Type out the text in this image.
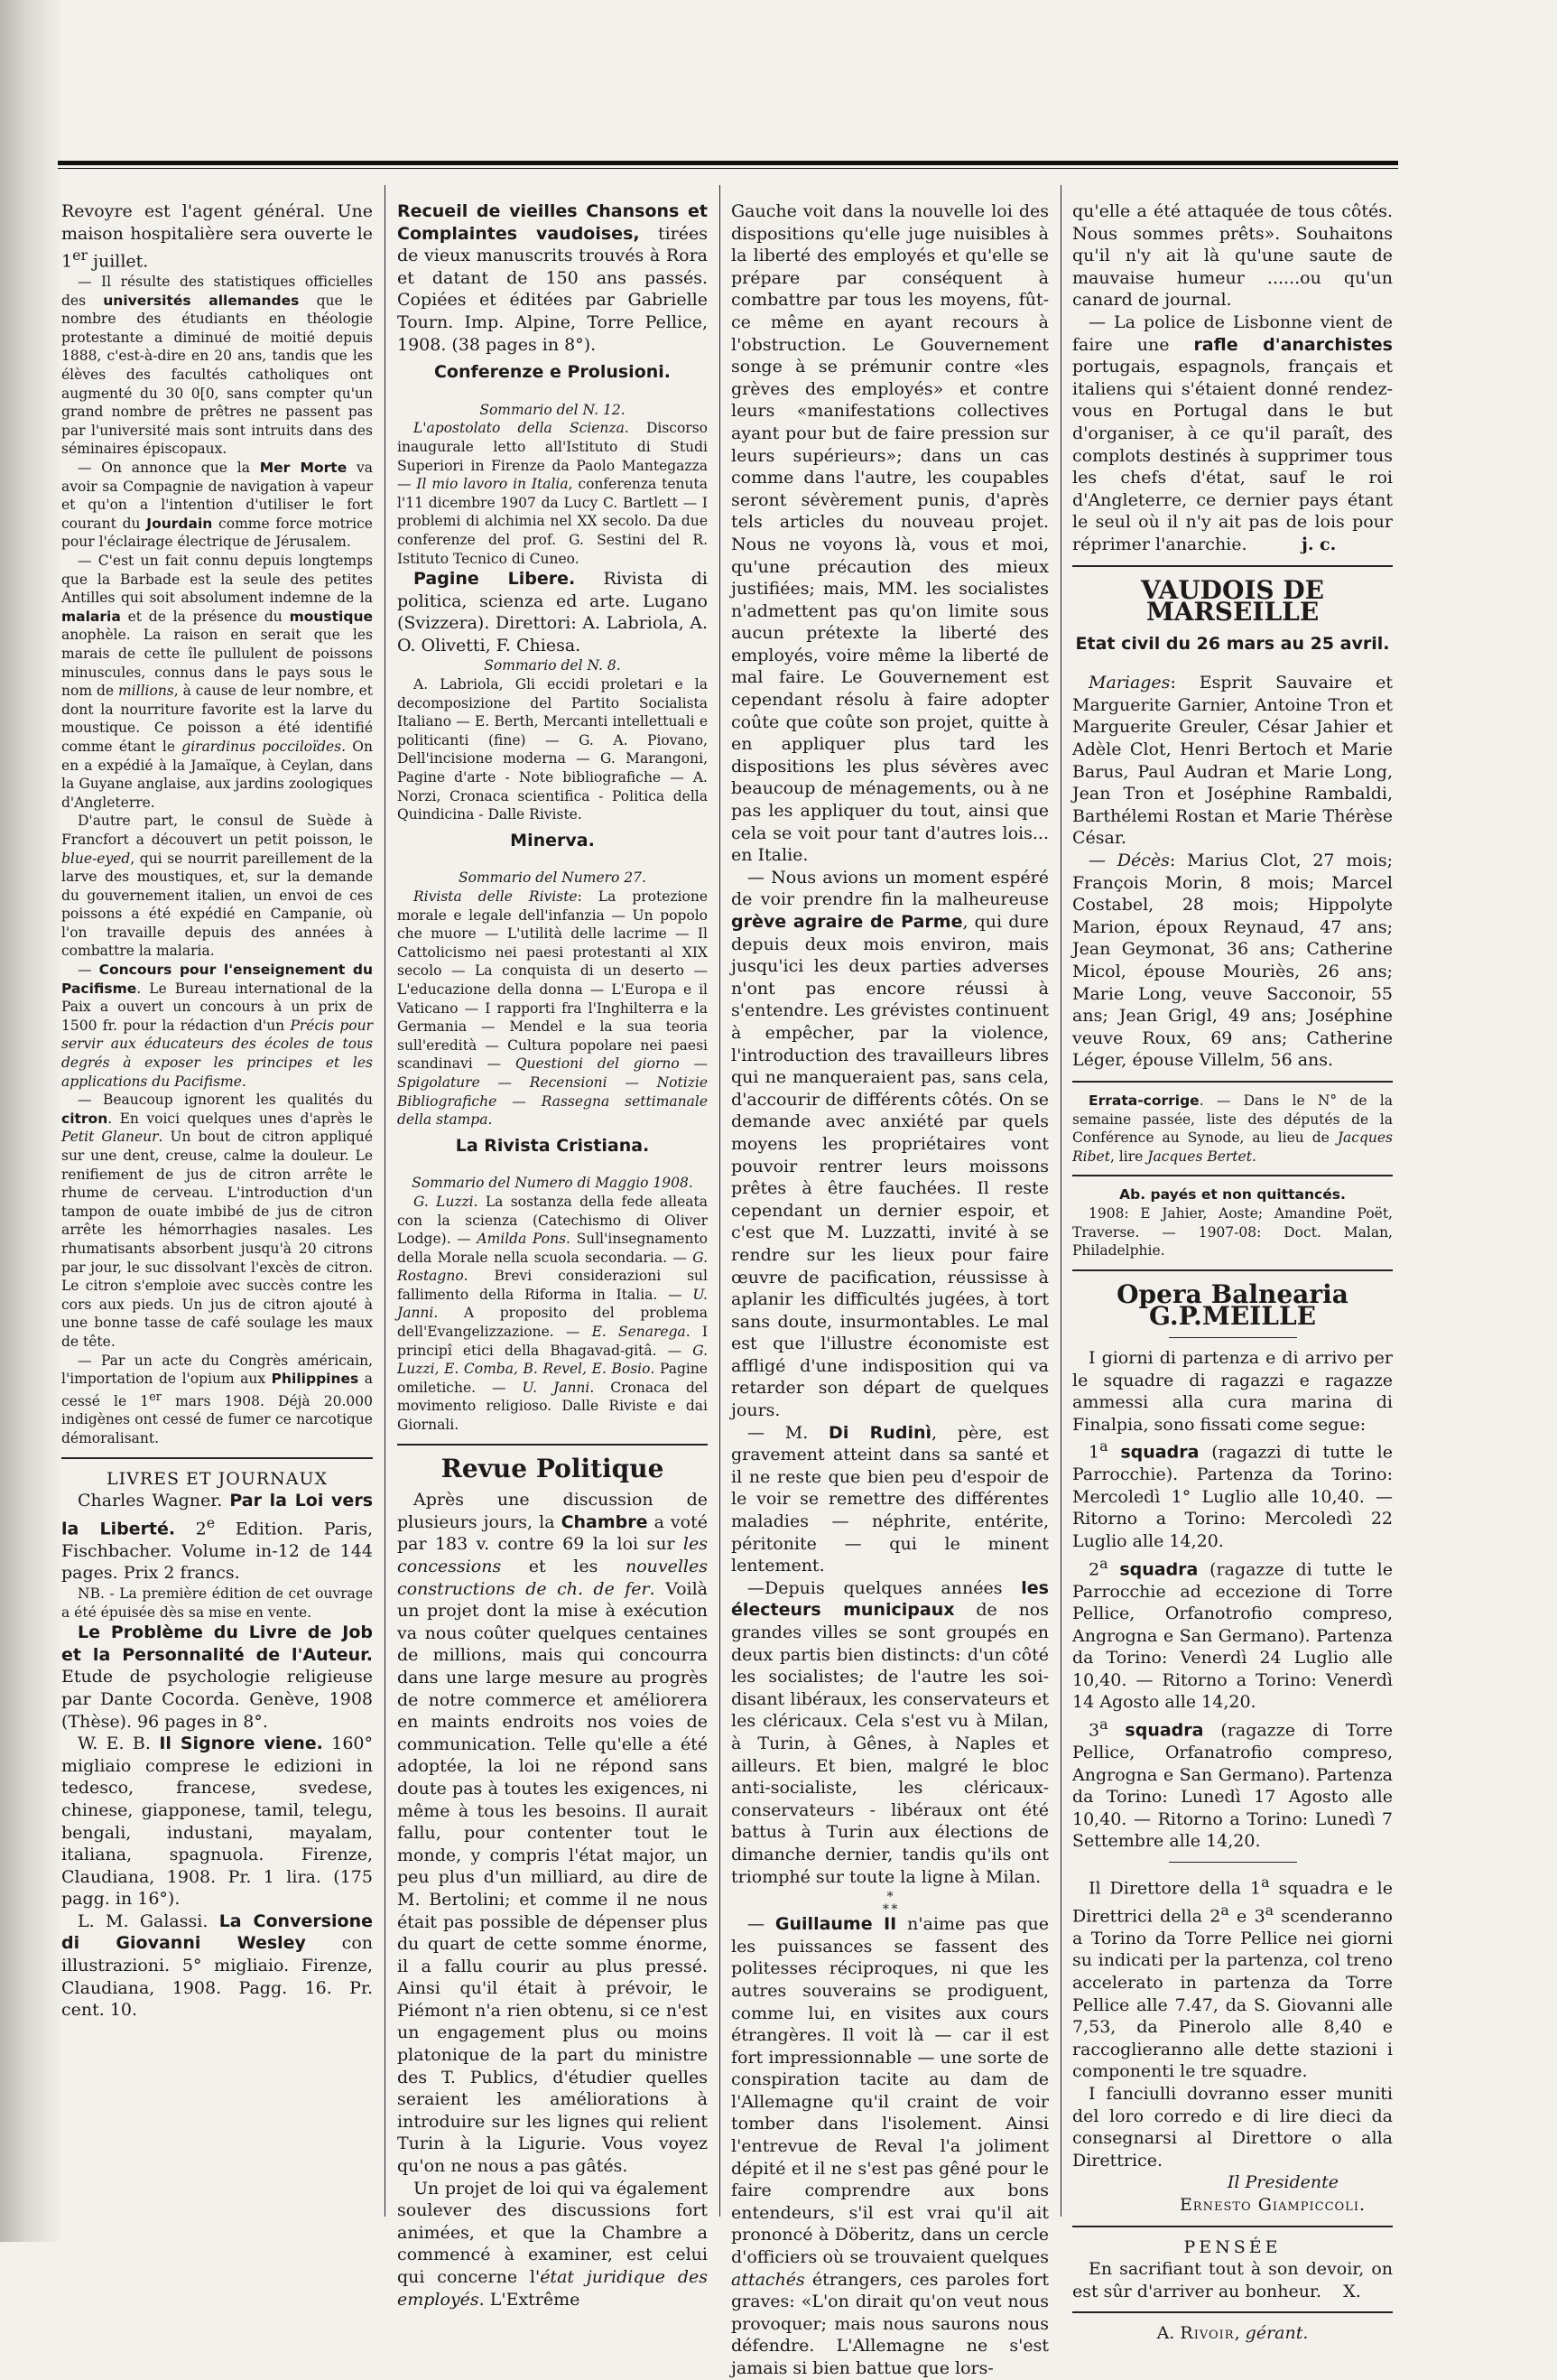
Revoyre est l'agent général. Une maison hospitalière sera ouverte le 1er juillet.

— Il résulte des statistiques officielles des universités allemandes que le nombre des étudiants en théologie protestante a diminué de moitié depuis 1888, c'est-à-dire en 20 ans, tandis que les élèves des facultés catholiques ont augmenté du 30 0[0, sans compter qu'un grand nombre de prêtres ne passent pas par l'université mais sont intruits dans des séminaires épiscopaux.

— On annonce que la Mer Morte va avoir sa Compagnie de navigation à vapeur et qu'on a l'intention d'utiliser le fort courant du Jourdain comme force motrice pour l'éclairage électrique de Jérusalem.

— C'est un fait connu depuis longtemps que la Barbade est la seule des petites Antilles qui soit absolument indemne de la malaria et de la présence du moustique anophèle. La raison en serait que les marais de cette île pullulent de poissons minuscules, connus dans le pays sous le nom de millions, à cause de leur nombre, et dont la nourriture favorite est la larve du moustique. Ce poisson a été identifié comme étant le girardinus pocciloïdes. On en a expédié à la Jamaïque, à Ceylan, dans la Guyane anglaise, aux jardins zoologiques d'Angleterre.

D'autre part, le consul de Suède à Francfort a découvert un petit poisson, le blue-eyed, qui se nourrit pareillement de la larve des moustiques, et, sur la demande du gouvernement italien, un envoi de ces poissons a été expédié en Campanie, où l'on travaille depuis des années à combattre la malaria.

— Concours pour l'enseignement du Pacifisme. Le Bureau international de la Paix a ouvert un concours à un prix de 1500 fr. pour la rédaction d'un Précis pour servir aux éducateurs des écoles de tous degrés à exposer les principes et les applications du Pacifisme.

— Beaucoup ignorent les qualités du citron. En voici quelques unes d'après le Petit Glaneur. Un bout de citron appliqué sur une dent, creuse, calme la douleur. Le renifiement de jus de citron arrête le rhume de cerveau. L'introduction d'un tampon de ouate imbibé de jus de citron arrête les hémorrhagies nasales. Les rhumatisants absorbent jusqu'à 20 citrons par jour, le suc dissolvant l'excès de citron. Le citron s'emploie avec succès contre les cors aux pieds. Un jus de citron ajouté à une bonne tasse de café soulage les maux de tête.

— Par un acte du Congrès américain, l'importation de l'opium aux Philippines a cessé le 1er mars 1908. Déjà 20.000 indigènes ont cessé de fumer ce narcotique démoralisant.

LIVRES ET JOURNAUX

Charles Wagner. Par la Loi vers la Liberté. 2e Edition. Paris, Fischbacher. Volume in-12 de 144 pages. Prix 2 francs.

NB. - La première édition de cet ouvrage a été épuisée dès sa mise en vente.

Le Problème du Livre de Job et la Personnalité de l'Auteur. Etude de psychologie religieuse par Dante Cocorda. Genève, 1908 (Thèse). 96 pages in 8°.

W. E. B. Il Signore viene. 160° migliaio comprese le edizioni in tedesco, francese, svedese, chinese, giapponese, tamil, telegu, bengali, industani, mayalam, italiana, spagnuola. Firenze, Claudiana, 1908. Pr. 1 lira. (175 pagg. in 16°).

L. M. Galassi. La Conversione di Giovanni Wesley con illustrazioni. 5° migliaio. Firenze, Claudiana, 1908. Pagg. 16. Pr. cent. 10.

Recueil de vieilles Chansons et Complaintes vaudoises, tirées de vieux manuscrits trouvés à Rora et datant de 150 ans passés. Copiées et éditées par Gabrielle Tourn. Imp. Alpine, Torre Pellice, 1908. (38 pages in 8°).

Conferenze e Prolusioni.

Sommario del N. 12.

L'apostolato della Scienza. Discorso inaugurale letto all'Istituto di Studi Superiori in Firenze da Paolo Mantegazza — Il mio lavoro in Italia, conferenza tenuta l'11 dicembre 1907 da Lucy C. Bartlett — I problemi di alchimia nel XX secolo. Da due conferenze del prof. G. Sestini del R. Istituto Tecnico di Cuneo.

Pagine Libere. Rivista di politica, scienza ed arte. Lugano (Svizzera). Direttori: A. Labriola, A. O. Olivetti, F. Chiesa.

Sommario del N. 8.

A. Labriola, Gli eccidi proletari e la decomposizione del Partito Socialista Italiano — E. Berth, Mercanti intellettuali e politicanti (fine) — G. A. Piovano, Dell'incisione moderna — G. Marangoni, Pagine d'arte - Note bibliografiche — A. Norzi, Cronaca scientifica - Politica della Quindicina - Dalle Riviste.

Minerva.

Sommario del Numero 27.

Rivista delle Riviste: La protezione morale e legale dell'infanzia — Un popolo che muore — L'utilità delle lacrime — Il Cattolicismo nei paesi protestanti al XIX secolo — La conquista di un deserto — L'educazione della donna — L'Europa e il Vaticano — I rapporti fra l'Inghilterra e la Germania — Mendel e la sua teoria sull'eredità — Cultura popolare nei paesi scandinavi — Questioni del giorno — Spigolature — Recensioni — Notizie Bibliografiche — Rassegna settimanale della stampa.

La Rivista Cristiana.

Sommario del Numero di Maggio 1908.

G. Luzzi. La sostanza della fede alleata con la scienza (Catechismo di Oliver Lodge). — Amilda Pons. Sull'insegnamento della Morale nella scuola secondaria. — G. Rostagno. Brevi considerazioni sul fallimento della Riforma in Italia. — U. Janni. A proposito del problema dell'Evangelizzazione. — E. Senarega. I principî etici della Bhagavad-gitâ. — G. Luzzi, E. Comba, B. Revel, E. Bosio. Pagine omiletiche. — U. Janni. Cronaca del movimento religioso. Dalle Riviste e dai Giornali.

Revue Politique

Après une discussion de plusieurs jours, la Chambre a voté par 183 v. contre 69 la loi sur les concessions et les nouvelles constructions de ch. de fer. Voilà un projet dont la mise à exécution va nous coûter quelques centaines de millions, mais qui concourra dans une large mesure au progrès de notre commerce et améliorera en maints endroits nos voies de communication. Telle qu'elle a été adoptée, la loi ne répond sans doute pas à toutes les exigences, ni même à tous les besoins. Il aurait fallu, pour contenter tout le monde, y compris l'état major, un peu plus d'un milliard, au dire de M. Bertolini; et comme il ne nous était pas possible de dépenser plus du quart de cette somme énorme, il a fallu courir au plus pressé. Ainsi qu'il était à prévoir, le Piémont n'a rien obtenu, si ce n'est un engagement plus ou moins platonique de la part du ministre des T. Publics, d'étudier quelles seraient les améliorations à introduire sur les lignes qui relient Turin à la Ligurie. Vous voyez qu'on ne nous a pas gâtés.

Un projet de loi qui va également soulever des discussions fort animées, et que la Chambre a commencé à examiner, est celui qui concerne l'état juridique des employés. L'Extrême

Gauche voit dans la nouvelle loi des dispositions qu'elle juge nuisibles à la liberté des employés et qu'elle se prépare par conséquent à combattre par tous les moyens, fût-ce même en ayant recours à l'obstruction. Le Gouvernement songe à se prémunir contre «les grèves des employés» et contre leurs «manifestations collectives ayant pour but de faire pression sur leurs supérieurs»; dans un cas comme dans l'autre, les coupables seront sévèrement punis, d'après tels articles du nouveau projet. Nous ne voyons là, vous et moi, qu'une précaution des mieux justifiées; mais, MM. les socialistes n'admettent pas qu'on limite sous aucun prétexte la liberté des employés, voire même la liberté de mal faire. Le Gouvernement est cependant résolu à faire adopter coûte que coûte son projet, quitte à en appliquer plus tard les dispositions les plus sévères avec beaucoup de ménagements, ou à ne pas les appliquer du tout, ainsi que cela se voit pour tant d'autres lois... en Italie.

— Nous avions un moment espéré de voir prendre fin la malheureuse grève agraire de Parme, qui dure depuis deux mois environ, mais jusqu'ici les deux parties adverses n'ont pas encore réussi à s'entendre. Les grévistes continuent à empêcher, par la violence, l'introduction des travailleurs libres qui ne manqueraient pas, sans cela, d'accourir de différents côtés. On se demande avec anxiété par quels moyens les propriétaires vont pouvoir rentrer leurs moissons prêtes à être fauchées. Il reste cependant un dernier espoir, et c'est que M. Luzzatti, invité à se rendre sur les lieux pour faire œuvre de pacification, réussisse à aplanir les difficultés jugées, à tort sans doute, insurmontables. Le mal est que l'illustre économiste est affligé d'une indisposition qui va retarder son départ de quelques jours.

— M. Di Rudinì, père, est gravement atteint dans sa santé et il ne reste que bien peu d'espoir de le voir se remettre des différentes maladies — néphrite, entérite, péritonite — qui le minent lentement.

—Depuis quelques années les électeurs municipaux de nos grandes villes se sont groupés en deux partis bien distincts: d'un côté les socialistes; de l'autre les soi-disant libéraux, les conservateurs et les cléricaux. Cela s'est vu à Milan, à Turin, à Gênes, à Naples et ailleurs. Et bien, malgré le bloc anti-socialiste, les cléricaux-conservateurs - libéraux ont été battus à Turin aux élections de dimanche dernier, tandis qu'ils ont triomphé sur toute la ligne à Milan.

∗
∗∗

— Guillaume II n'aime pas que les puissances se fassent des politesses réciproques, ni que les autres souverains se prodiguent, comme lui, en visites aux cours étrangères. Il voit là — car il est fort impressionnable — une sorte de conspiration tacite au dam de l'Allemagne qu'il craint de voir tomber dans l'isolement. Ainsi l'entrevue de Reval l'a joliment dépité et il ne s'est pas gêné pour le faire comprendre aux bons entendeurs, s'il est vrai qu'il ait prononcé à Döberitz, dans un cercle d'officiers où se trouvaient quelques attachés étrangers, ces paroles fort graves: «L'on dirait qu'on veut nous provoquer; mais nous saurons nous défendre. L'Allemagne ne s'est jamais si bien battue que lors-

qu'elle a été attaquée de tous côtés. Nous sommes prêts». Souhaitons qu'il n'y ait là qu'une saute de mauvaise humeur ......ou qu'un canard de journal.

— La police de Lisbonne vient de faire une rafle d'anarchistes portugais, espagnols, français et italiens qui s'étaient donné rendez-vous en Portugal dans le but d'organiser, à ce qu'il paraît, des complots destinés à supprimer tous les chefs d'état, sauf le roi d'Angleterre, ce dernier pays étant le seul où il n'y ait pas de lois pour réprimer l'anarchie.          j. c.

VAUDOIS DE MARSEILLE

Etat civil du 26 mars au 25 avril.

Mariages: Esprit Sauvaire et Marguerite Garnier, Antoine Tron et Marguerite Greuler, César Jahier et Adèle Clot, Henri Bertoch et Marie Barus, Paul Audran et Marie Long, Jean Tron et Joséphine Rambaldi, Barthélemi Rostan et Marie Thérèse César.

— Décès: Marius Clot, 27 mois; François Morin, 8 mois; Marcel Costabel, 28 mois; Hippolyte Marion, époux Reynaud, 47 ans; Jean Geymonat, 36 ans; Catherine Micol, épouse Mouriès, 26 ans; Marie Long, veuve Sacconoir, 55 ans; Jean Grigl, 49 ans; Joséphine veuve Roux, 69 ans; Catherine Léger, épouse Villelm, 56 ans.

Errata-corrige. — Dans le N° de la semaine passée, liste des députés de la Conférence au Synode, au lieu de Jacques Ribet, lire Jacques Bertet.

Ab. payés et non quittancés.

1908: E Jahier, Aoste; Amandine Poët, Traverse. — 1907-08: Doct. Malan, Philadelphie.

Opera Balnearia G.P.MEILLE

I giorni di partenza e di arrivo per le squadre di ragazzi e ragazze ammessi alla cura marina di Finalpia, sono fissati come segue:

1$^a$ squadra (ragazzi di tutte le Parrocchie). Partenza da Torino: Mercoledì 1° Luglio alle 10,40. — Ritorno a Torino: Mercoledì 22 Luglio alle 14,20.

2$^a$ squadra (ragazze di tutte le Parrocchie ad eccezione di Torre Pellice, Orfanotrofio compreso, Angrogna e San Germano). Partenza da Torino: Venerdì 24 Luglio alle 10,40. — Ritorno a Torino: Venerdì 14 Agosto alle 14,20.

3$^a$ squadra (ragazze di Torre Pellice, Orfanatrofio compreso, Angrogna e San Germano). Partenza da Torino: Lunedì 17 Agosto alle 10,40. — Ritorno a Torino: Lunedì 7 Settembre alle 14,20.

Il Direttore della 1$^a$ squadra e le Direttrici della 2$^a$ e 3$^a$ scenderanno a Torino da Torre Pellice nei giorni su indicati per la partenza, col treno accelerato in partenza da Torre Pellice alle 7.47, da S. Giovanni alle 7,53, da Pinerolo alle 8,40 e raccoglieranno alle dette stazioni i componenti le tre squadre.

I fanciulli dovranno esser muniti del loro corredo e di lire dieci da consegnarsi al Direttore o alla Direttrice.

Il Presidente
Ernesto Giampiccoli.

PENSÉE

En sacrifiant tout à son devoir, on est sûr d'arriver au bonheur.    X.

A. Rivoir, gérant.
